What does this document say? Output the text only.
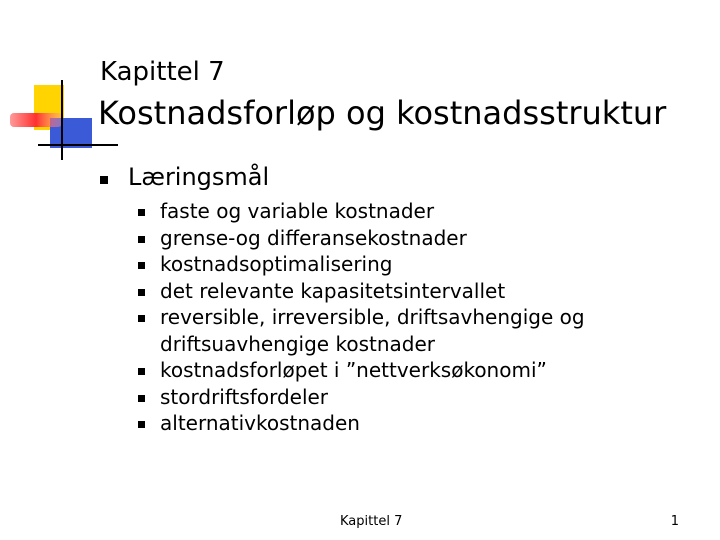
Kapittel 7
Kostnadsforløp og kostnadsstruktur
Læringsmål
faste og variable kostnader
grense-og differansekostnader
kostnadsoptimalisering
det relevante kapasitetsintervallet
reversible, irreversible, driftsavhengige og driftsuavhengige kostnader
kostnadsforløpet i ”nettverksøkonomi”
stordriftsfordeler
alternativkostnaden
Kapittel 7	1
